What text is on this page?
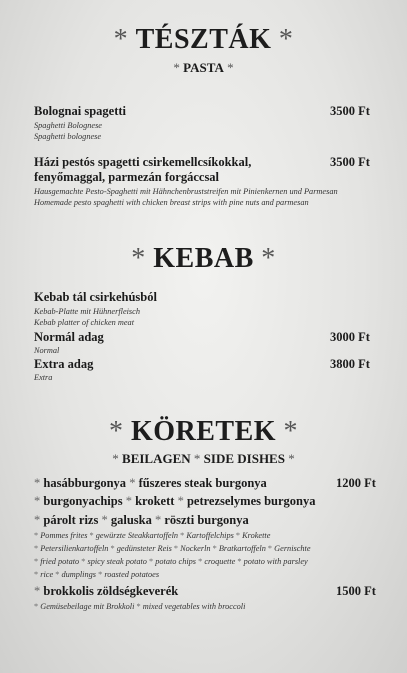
* TÉSZTÁK *
* PASTA *
Bolognai spagetti	3500 Ft
Spaghetti Bolognese
Spaghetti bolognese
Házi pestós spagetti csirkemellcsíkokkal,	3500 Ft
fenyőmaggal, parmezán forgáccsal
Hausgemachte Pesto-Spaghetti mit Hähnchenbruststreifen mit Pinienkernen und Parmesan
Homemade pesto spaghetti with chicken breast strips with pine nuts and parmesan
* KEBAB *
Kebab tál csirkehúsból
Kebab-Platte mit Hühnerfleisch
Kebab platter of chicken meat
Normál adag	3000 Ft
Normal
Extra adag	3800 Ft
Extra
* KÖRETEK *
* BEILAGEN * SIDE DISHES *
* hasábburgonya * fűszeres steak burgonya	1200 Ft
* burgonyachips * krokett * petrezselymes burgonya
* párolt rizs * galuska * röszti burgonya
* Pommes frites * gewürzte Steakkartoffeln * Kartoffelchips * Krokette
* Petersilienkartoffeln * gedünsteter Reis * Nockerln * Bratkartoffeln * Gernischte
* fried potato * spicy steak potato * potato chips * croquette * potato with parsley
* rice * dumplings * roasted potatoes
* brokkolis zöldségkeverék	1500 Ft
* Gemüsebeilage mit Brokkoli * mixed vegetables with broccoli
